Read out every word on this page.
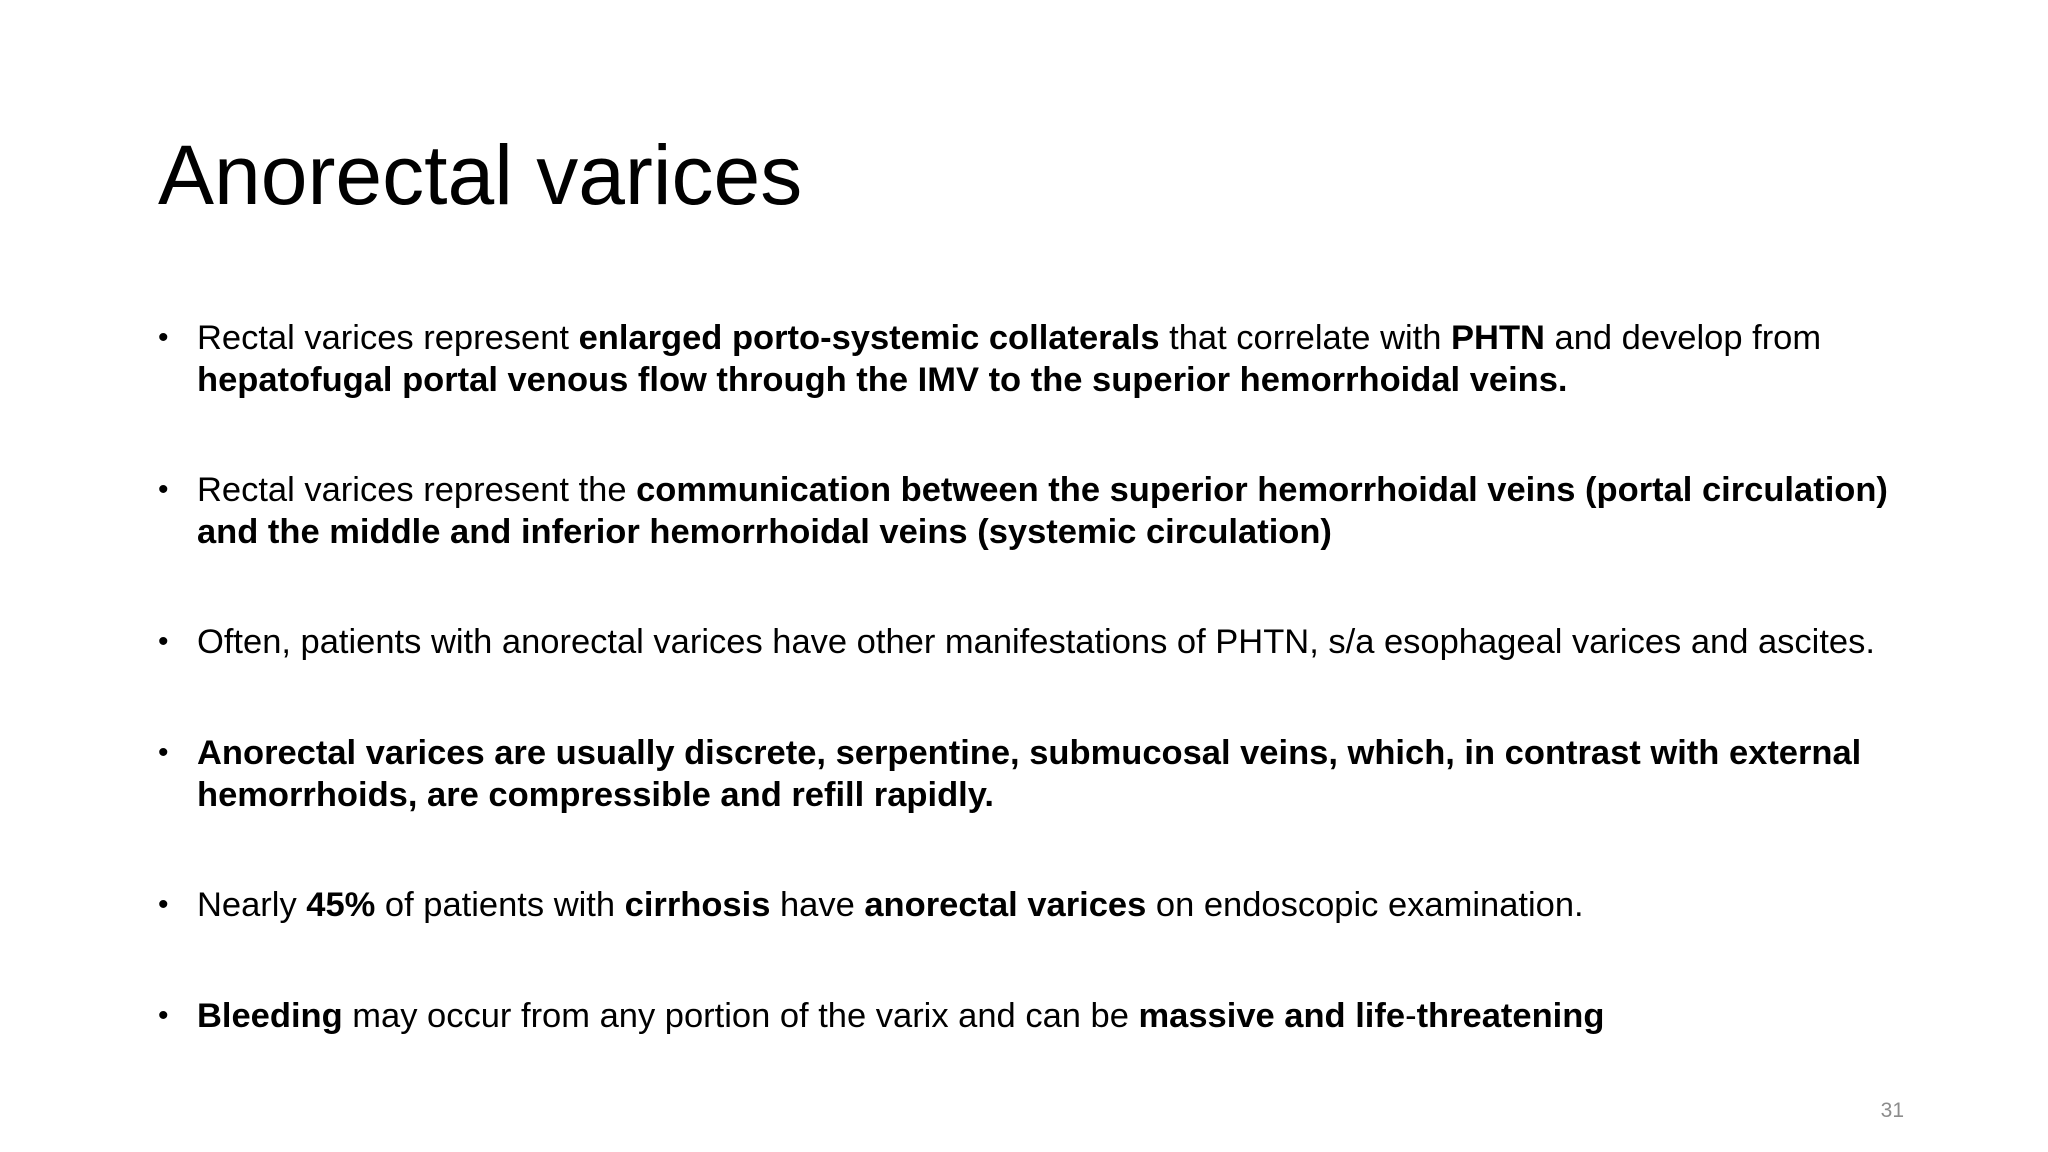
Anorectal varices
• Rectal varices represent enlarged porto-systemic collaterals that correlate with PHTN and develop from hepatofugal portal venous flow through the IMV to the superior hemorrhoidal veins.
• Rectal varices represent the communication between the superior hemorrhoidal veins (portal circulation) and the middle and inferior hemorrhoidal veins (systemic circulation)
• Often, patients with anorectal varices have other manifestations of PHTN, s/a esophageal varices and ascites.
• Anorectal varices are usually discrete, serpentine, submucosal veins, which, in contrast with external hemorrhoids, are compressible and refill rapidly.
• Nearly 45% of patients with cirrhosis have anorectal varices on endoscopic examination.
• Bleeding may occur from any portion of the varix and can be massive and life-threatening
31
